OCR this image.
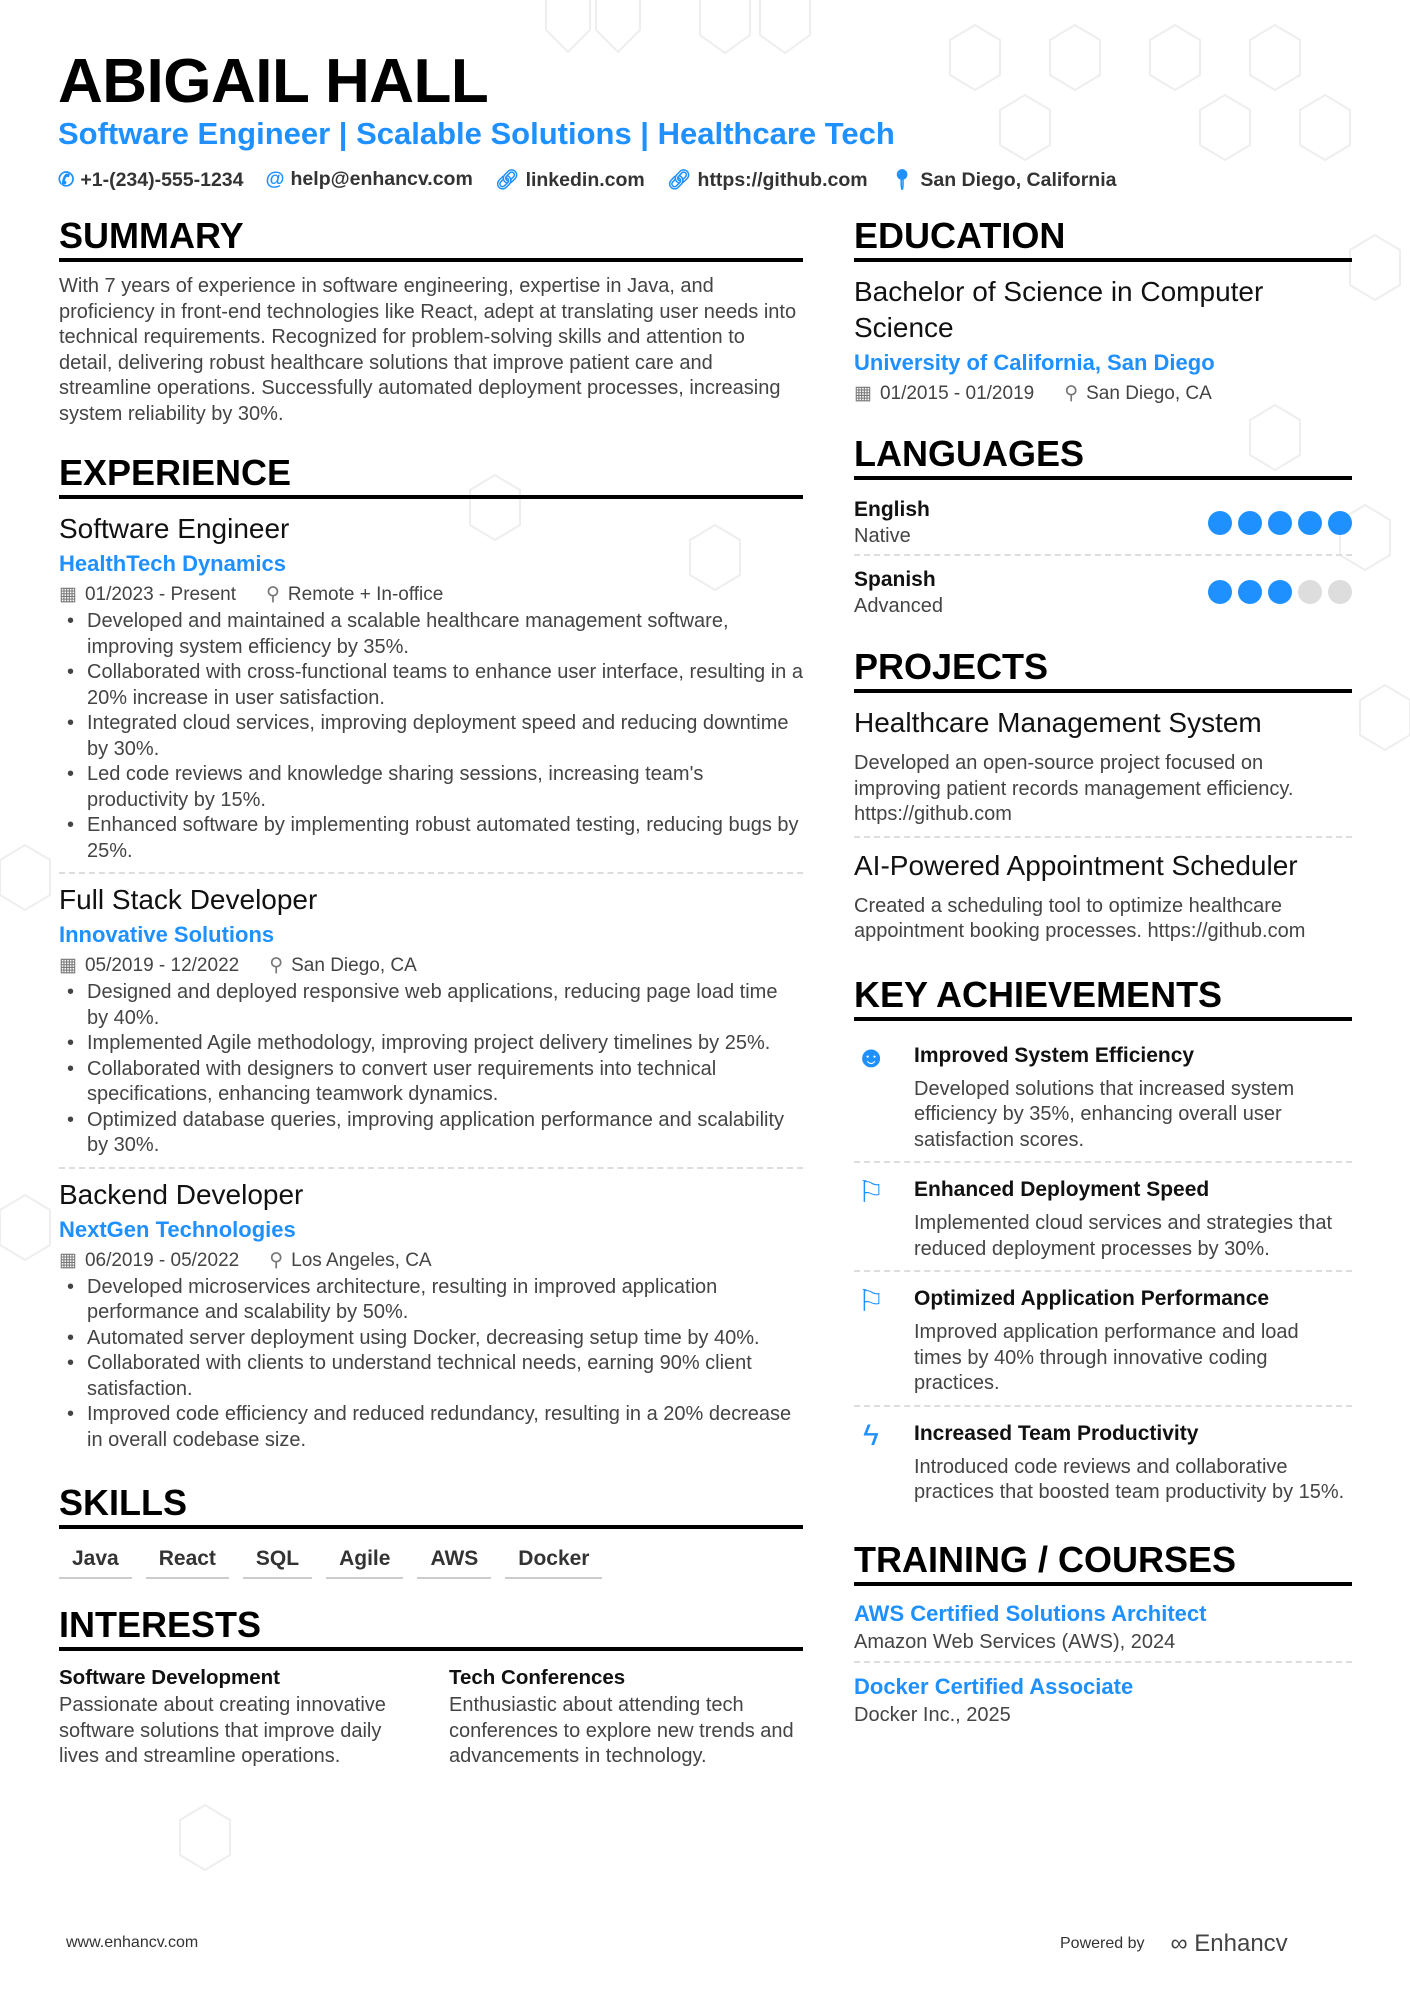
ABIGAIL HALL
Software Engineer | Scalable Solutions | Healthcare Tech
✆ +1-(234)-555-1234 @ help@enhancv.com 🔗︎ linkedin.com 🔗︎ https://github.com 📍︎ San Diego, California
SUMMARY
With 7 years of experience in software engineering, expertise in Java, and proficiency in front-end technologies like React, adept at translating user needs into technical requirements. Recognized for problem-solving skills and attention to detail, delivering robust healthcare solutions that improve patient care and streamline operations. Successfully automated deployment processes, increasing system reliability by 30%.
EXPERIENCE
Software Engineer
HealthTech Dynamics
▦ 01/2023 - Present ⚲ Remote + In-office
• Developed and maintained a scalable healthcare management software, improving system efficiency by 35%.
• Collaborated with cross-functional teams to enhance user interface, resulting in a 20% increase in user satisfaction.
• Integrated cloud services, improving deployment speed and reducing downtime by 30%.
• Led code reviews and knowledge sharing sessions, increasing team's productivity by 15%.
• Enhanced software by implementing robust automated testing, reducing bugs by 25%.
Full Stack Developer
Innovative Solutions
▦ 05/2019 - 12/2022 ⚲ San Diego, CA
• Designed and deployed responsive web applications, reducing page load time by 40%.
• Implemented Agile methodology, improving project delivery timelines by 25%.
• Collaborated with designers to convert user requirements into technical specifications, enhancing teamwork dynamics.
• Optimized database queries, improving application performance and scalability by 30%.
Backend Developer
NextGen Technologies
▦ 06/2019 - 05/2022 ⚲ Los Angeles, CA
• Developed microservices architecture, resulting in improved application performance and scalability by 50%.
• Automated server deployment using Docker, decreasing setup time by 40%.
• Collaborated with clients to understand technical needs, earning 90% client satisfaction.
• Improved code efficiency and reduced redundancy, resulting in a 20% decrease in overall codebase size.
SKILLS
Java	React	SQL	Agile	AWS	Docker
INTERESTS
Software Development
Passionate about creating innovative software solutions that improve daily lives and streamline operations.
Tech Conferences
Enthusiastic about attending tech conferences to explore new trends and advancements in technology.
EDUCATION
Bachelor of Science in Computer Science
University of California, San Diego
▦ 01/2015 - 01/2019 ⚲ San Diego, CA
LANGUAGES
English
Native
Spanish
Advanced
PROJECTS
Healthcare Management System
Developed an open-source project focused on improving patient records management efficiency. https://github.com
AI-Powered Appointment Scheduler
Created a scheduling tool to optimize healthcare appointment booking processes. https://github.com
KEY ACHIEVEMENTS
☻ Improved System Efficiency
Developed solutions that increased system efficiency by 35%, enhancing overall user satisfaction scores.
⚐ Enhanced Deployment Speed
Implemented cloud services and strategies that reduced deployment processes by 30%.
⚐ Optimized Application Performance
Improved application performance and load times by 40% through innovative coding practices.
ϟ	Increased Team Productivity
Introduced code reviews and collaborative practices that boosted team productivity by 15%.
TRAINING / COURSES
AWS Certified Solutions Architect
Amazon Web Services (AWS), 2024
Docker Certified Associate
Docker Inc., 2025
www.enhancv.com	Powered by ∞ Enhancv
